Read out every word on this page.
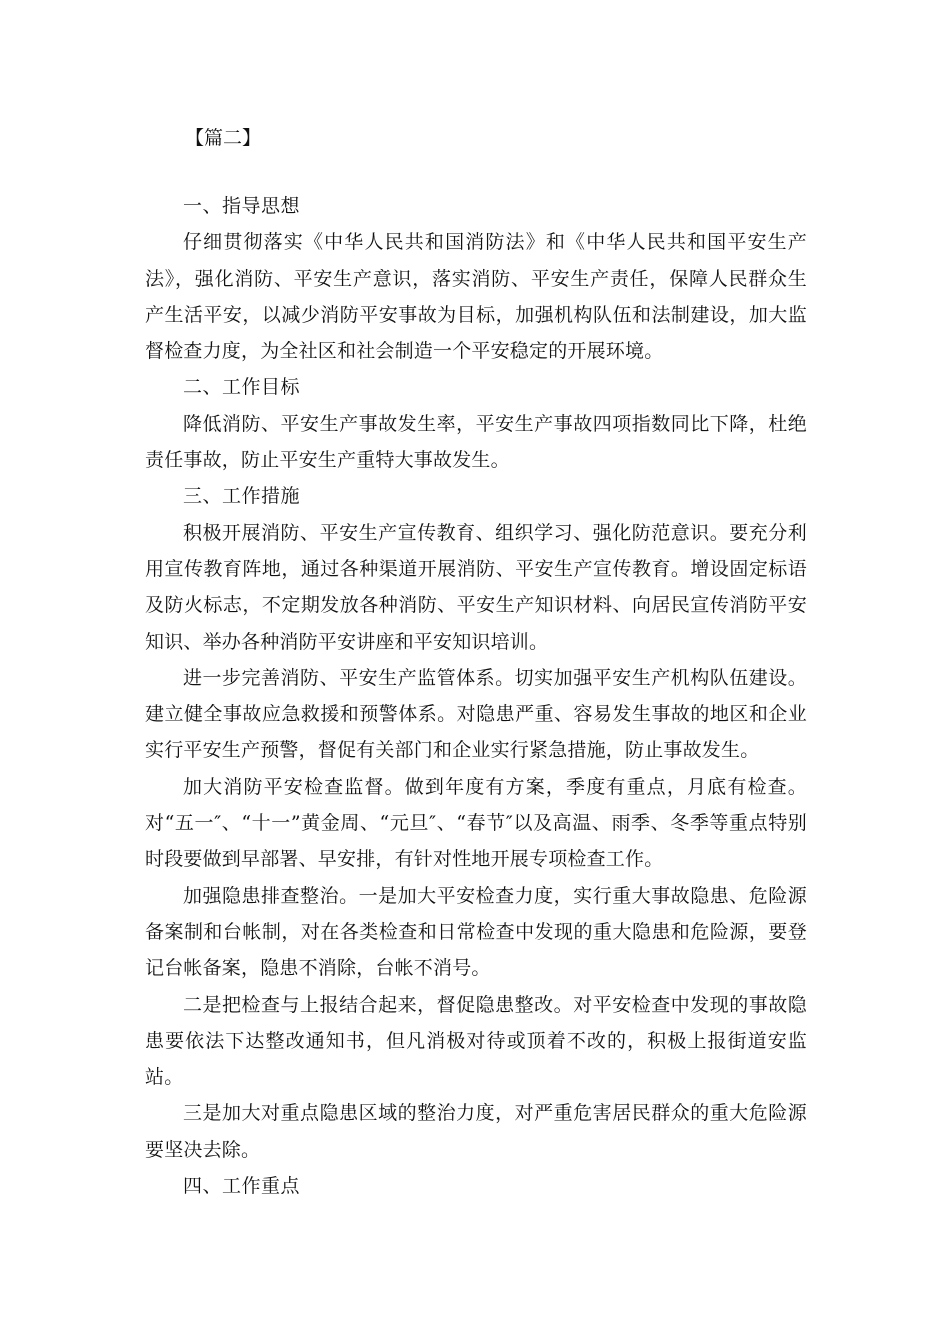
【篇二】

一、指导思想

仔细贯彻落实《中华人民共和国消防法》和《中华人民共和国平安生产法》，强化消防、平安生产意识，落实消防、平安生产责任，保障人民群众生产生活平安，以减少消防平安事故为目标，加强机构队伍和法制建设，加大监督检查力度，为全社区和社会制造一个平安稳定的开展环境。

二、工作目标

降低消防、平安生产事故发生率，平安生产事故四项指数同比下降，杜绝责任事故，防止平安生产重特大事故发生。

三、工作措施

积极开展消防、平安生产宣传教育、组织学习、强化防范意识。要充分利用宣传教育阵地，通过各种渠道开展消防、平安生产宣传教育。增设固定标语及防火标志，不定期发放各种消防、平安生产知识材料、向居民宣传消防平安知识、举办各种消防平安讲座和平安知识培训。

进一步完善消防、平安生产监管体系。切实加强平安生产机构队伍建设。建立健全事故应急救援和预警体系。对隐患严重、容易发生事故的地区和企业实行平安生产预警，督促有关部门和企业实行紧急措施，防止事故发生。

加大消防平安检查监督。做到年度有方案，季度有重点，月底有检查。对“五一″、“十一”黄金周、“元旦″、“春节″以及高温、雨季、冬季等重点特别时段要做到早部署、早安排，有针对性地开展专项检查工作。

加强隐患排查整治。一是加大平安检查力度，实行重大事故隐患、危险源备案制和台帐制，对在各类检查和日常检查中发现的重大隐患和危险源，要登记台帐备案，隐患不消除，台帐不消号。

二是把检查与上报结合起来，督促隐患整改。对平安检查中发现的事故隐患要依法下达整改通知书，但凡消极对待或顶着不改的，积极上报街道安监站。

三是加大对重点隐患区域的整治力度，对严重危害居民群众的重大危险源要坚决去除。

四、工作重点
